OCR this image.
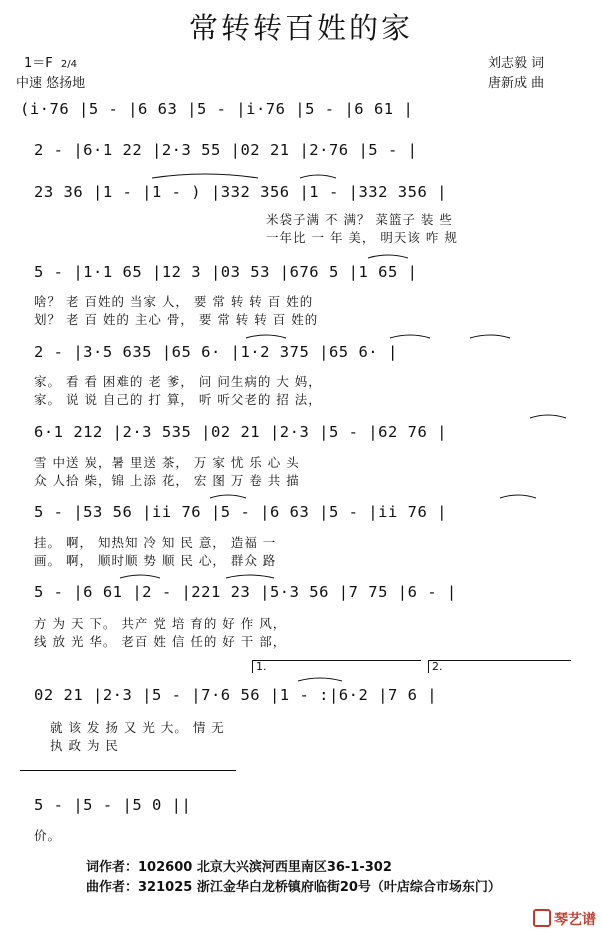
常转转百姓的家
1＝F 2/4
中速 悠扬地
刘志毅 词
唐新成 曲
(i·76 |5 - |6 63 |5 - |i·76 |5 - |6 61 |
2 - |6·1 22 |2·3 55 |02 21 |2·76 |5 - |
23 36 |1 - |1 - ) |332 356 |1 - |332 356 |
米袋子满 不 满？ 菜篮子 装 些
一年比 一 年 美， 明天该 咋 规
5 - |1·1 65 |12 3 |03 53 |676 5 |1 65 |
啥？ 老 百姓的 当家 人， 要 常 转 转 百 姓的
划？ 老 百 姓的 主心 骨， 要 常 转 转 百 姓的
2 - |3·5 635 |65 6· |1·2 375 |65 6· |
家。 看 看 困难的 老 爹， 问 问生病的 大 妈，
家。 说 说 自己的 打 算， 听 听父老的 招 法，
6·1 212 |2·3 535 |02 21 |2·3 |5 - |62 76 |
雪 中送 炭，暑 里送 茶， 万 家 忧 乐 心 头
众 人拾 柴，锦 上添 花， 宏 图 万 卷 共 描
5 - |53 56 |ii 76 |5 - |6 63 |5 - |ii 76 |
挂。 啊， 知热知 冷 知 民 意， 造福 一
画。 啊， 顺时顺 势 顺 民 心， 群众 路
5 - |6 61 |2 - |221 23 |5·3 56 |7 75 |6 - |
方 为 天 下。 共产 党 培 育的 好 作 风，
线 放 光 华。 老百 姓 信 任的 好 干 部，
1.	2.
02 21 |2·3 |5 - |7·6 56 |1 - :|6·2 |7 6 |
就 该 发 扬 又 光 大。 情 无
执 政 为 民
5 - |5 - |5 0 ||
价。
词作者：102600 北京大兴滨河西里南区36-1-302
曲作者：321025 浙江金华白龙桥镇府临街20号（叶店综合市场东门）
琴艺谱
